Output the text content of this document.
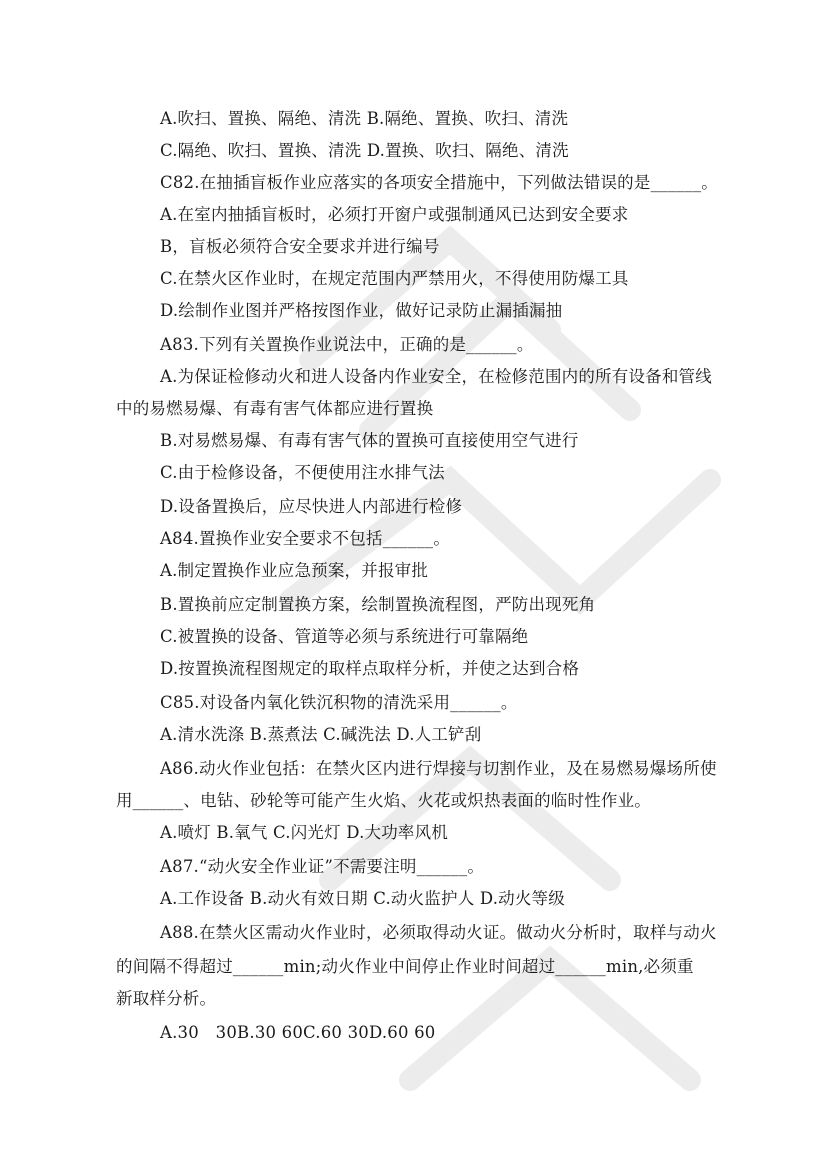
A.吹扫、置换、隔绝、清洗 B.隔绝、置换、吹扫、清洗
C.隔绝、吹扫、置换、清洗 D.置换、吹扫、隔绝、清洗
C82.在抽插盲板作业应落实的各项安全措施中，下列做法错误的是______。
A.在室内抽插盲板时，必须打开窗户或强制通风已达到安全要求
B，盲板必须符合安全要求并进行编号
C.在禁火区作业时，在规定范围内严禁用火，不得使用防爆工具
D.绘制作业图并严格按图作业，做好记录防止漏插漏抽
A83.下列有关置换作业说法中，正确的是______。
A.为保证检修动火和进人设备内作业安全，在检修范围内的所有设备和管线
中的易燃易爆、有毒有害气体都应进行置换
B.对易燃易爆、有毒有害气体的置换可直接使用空气进行
C.由于检修设备，不便使用注水排气法
D.设备置换后，应尽快进人内部进行检修
A84.置换作业安全要求不包括______。
A.制定置换作业应急预案，并报审批
B.置换前应定制置换方案，绘制置换流程图，严防出现死角
C.被置换的设备、管道等必须与系统进行可靠隔绝
D.按置换流程图规定的取样点取样分析，并使之达到合格
C85.对设备内氧化铁沉积物的清洗采用______。
A.清水洗涤 B.蒸煮法 C.碱洗法 D.人工铲刮
A86.动火作业包括：在禁火区内进行焊接与切割作业，及在易燃易爆场所使
用______、电钻、砂轮等可能产生火焰、火花或炽热表面的临时性作业。
A.喷灯 B.氧气 C.闪光灯 D.大功率风机
A87.“动火安全作业证”不需要注明______。
A.工作设备 B.动火有效日期 C.动火监护人 D.动火等级
A88.在禁火区需动火作业时，必须取得动火证。做动火分析时，取样与动火
的间隔不得超过______min;动火作业中间停止作业时间超过______min,必须重
新取样分析。
A.30　30B.30 60C.60 30D.60 60
